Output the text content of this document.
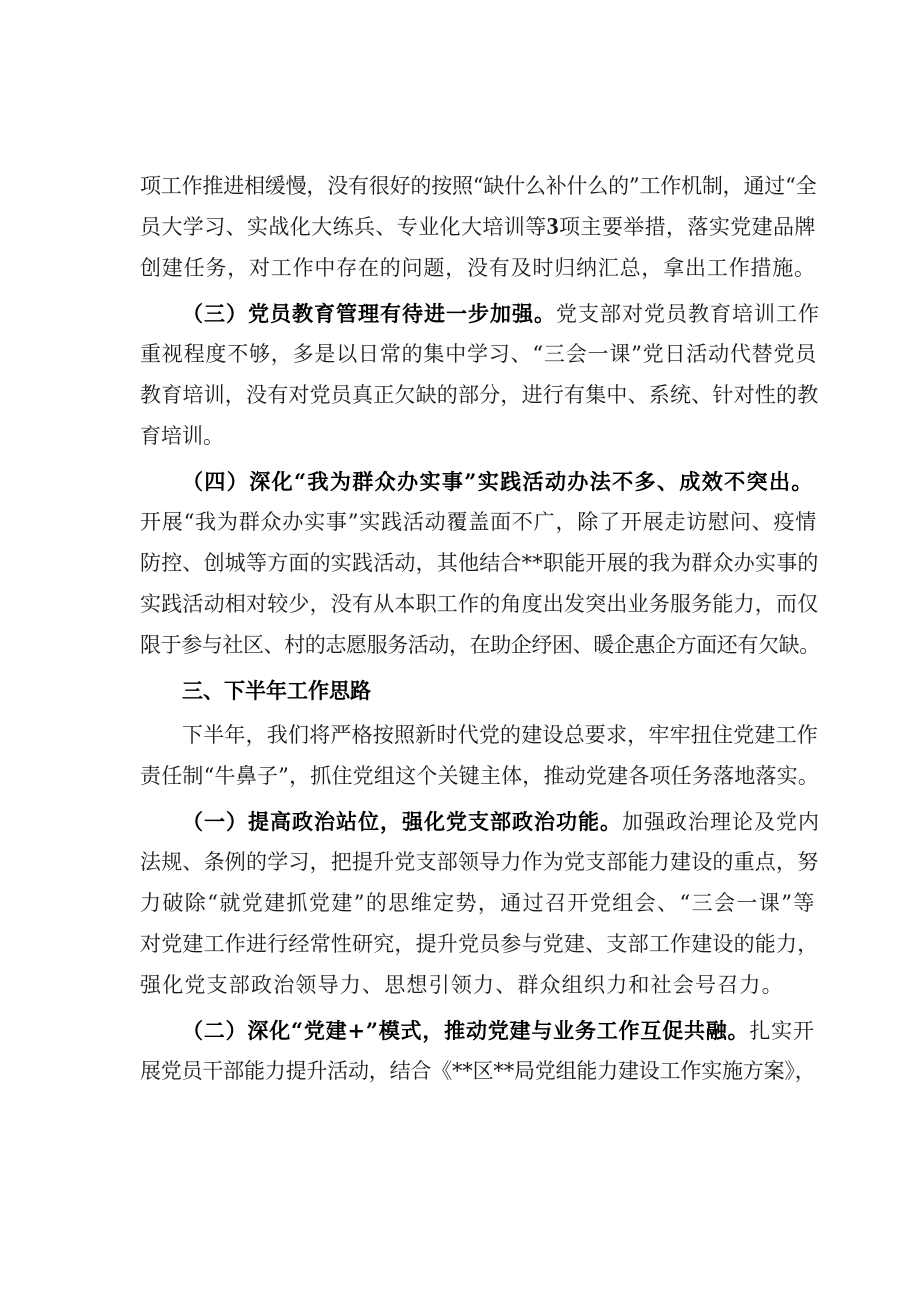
项工作推进相缓慢，没有很好的按照“缺什么补什么的”工作机制，通过“全
员大学习、实战化大练兵、专业化大培训等3项主要举措，落实党建品牌
创建任务，对工作中存在的问题，没有及时归纳汇总，拿出工作措施。
（三）党员教育管理有待进一步加强。党支部对党员教育培训工作
重视程度不够，多是以日常的集中学习、“三会一课”党日活动代替党员
教育培训，没有对党员真正欠缺的部分，进行有集中、系统、针对性的教
育培训。
（四）深化“我为群众办实事”实践活动办法不多、成效不突出。
开展“我为群众办实事”实践活动覆盖面不广，除了开展走访慰问、疫情
防控、创城等方面的实践活动，其他结合**职能开展的我为群众办实事的
实践活动相对较少，没有从本职工作的角度出发突出业务服务能力，而仅
限于参与社区、村的志愿服务活动，在助企纾困、暖企惠企方面还有欠缺。
三、下半年工作思路
下半年，我们将严格按照新时代党的建设总要求，牢牢扭住党建工作
责任制“牛鼻子”，抓住党组这个关键主体，推动党建各项任务落地落实。
（一）提高政治站位，强化党支部政治功能。加强政治理论及党内
法规、条例的学习，把提升党支部领导力作为党支部能力建设的重点，努
力破除“就党建抓党建”的思维定势，通过召开党组会、“三会一课”等
对党建工作进行经常性研究，提升党员参与党建、支部工作建设的能力，
强化党支部政治领导力、思想引领力、群众组织力和社会号召力。
（二）深化“党建+”模式，推动党建与业务工作互促共融。扎实开
展党员干部能力提升活动，结合《**区**局党组能力建设工作实施方案》，
